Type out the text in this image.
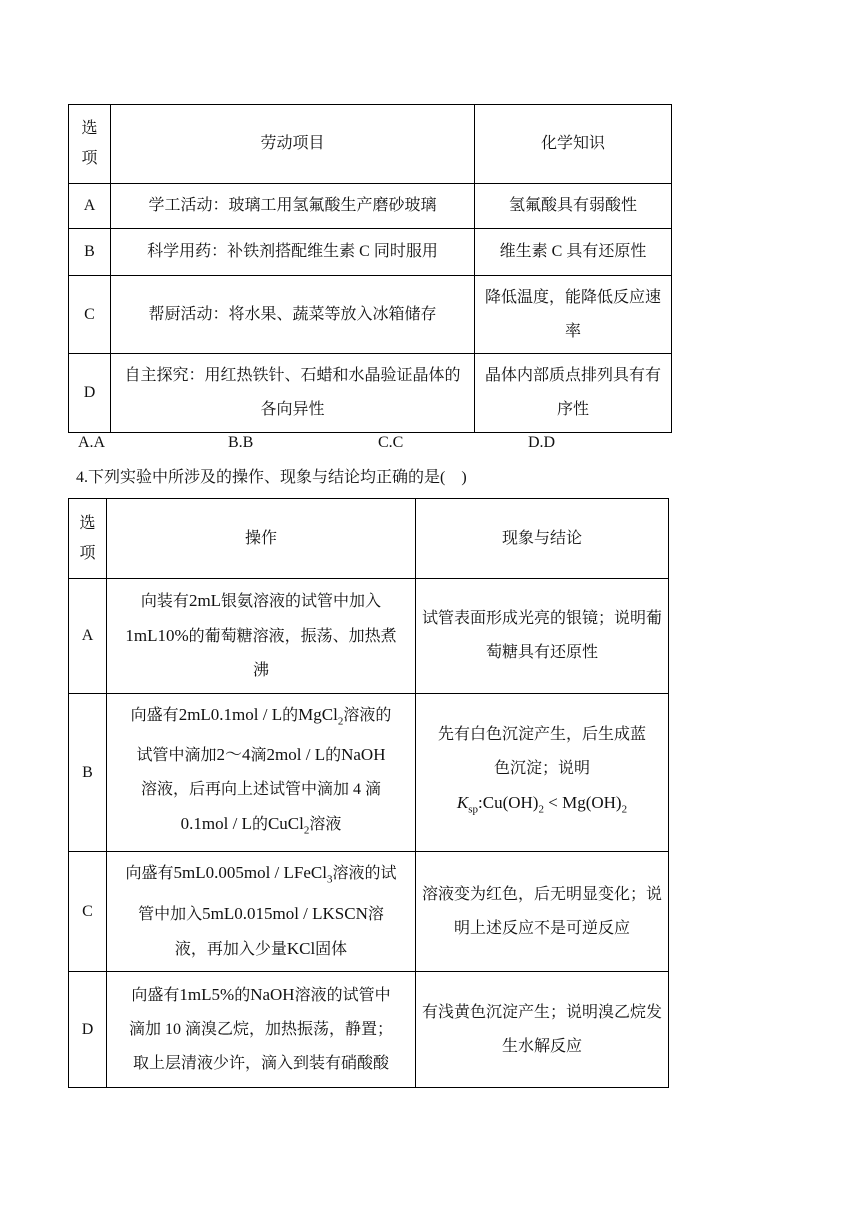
选
项	劳动项目	化学知识
A	学工活动：玻璃工用氢氟酸生产磨砂玻璃	氢氟酸具有弱酸性
B	科学用药：补铁剂搭配维生素 C 同时服用	维生素 C 具有还原性
C	帮厨活动：将水果、蔬菜等放入冰箱储存	降低温度，能降低反应速率
D	自主探究：用红热铁针、石蜡和水晶验证晶体的各向异性	晶体内部质点排列具有有序性
A.A	B.B	C.C	D.D
4.下列实验中所涉及的操作、现象与结论均正确的是(　)
选
项	操作	现象与结论
A	向装有2mL银氨溶液的试管中加入
1mL10%的葡萄糖溶液，振荡、加热煮
沸	试管表面形成光亮的银镜；说明葡萄糖具有还原性
B	向盛有2mL0.1mol / L的MgCl$_2$溶液的
试管中滴加2～4滴2mol / L的NaOH
溶液，后再向上述试管中滴加 4 滴
0.1mol / L的CuCl$_2$溶液	先有白色沉淀产生，后生成蓝
色沉淀；说明
$K_{sp}:Cu(OH)_2 < Mg(OH)_2$
C	向盛有5mL0.005mol / LFeCl$_3$溶液的试
管中加入5mL0.015mol / LKSCN溶
液，再加入少量KCl固体	溶液变为红色，后无明显变化；说明上述反应不是可逆反应
D	向盛有1mL5%的NaOH溶液的试管中
滴加 10 滴溴乙烷，加热振荡，静置；
取上层清液少许，滴入到装有硝酸酸	有浅黄色沉淀产生；说明溴乙烷发生水解反应
